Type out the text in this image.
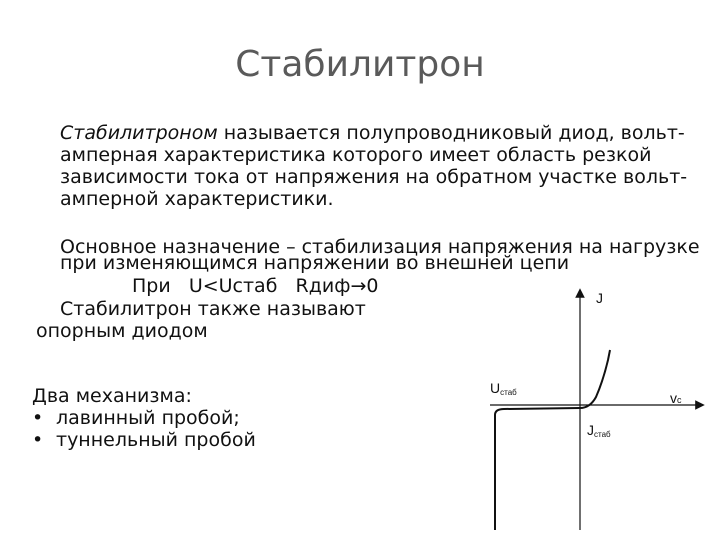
Стабилитрон
Стабилитроном называется полупроводниковый диод, вольт-амперная характеристика которого имеет область резкой зависимости тока от напряжения на обратном участке вольт-амперной характеристики.
Основное назначение – стабилизация напряжения на нагрузке
при изменяющимся напряжении во внешней цепи
При   U<Uстаб   Rдиф→0
Стабилитрон также называют
опорным диодом
Два механизма:
• лавинный пробой;
• туннельный пробой
J
vc
Uстаб
Jстаб
